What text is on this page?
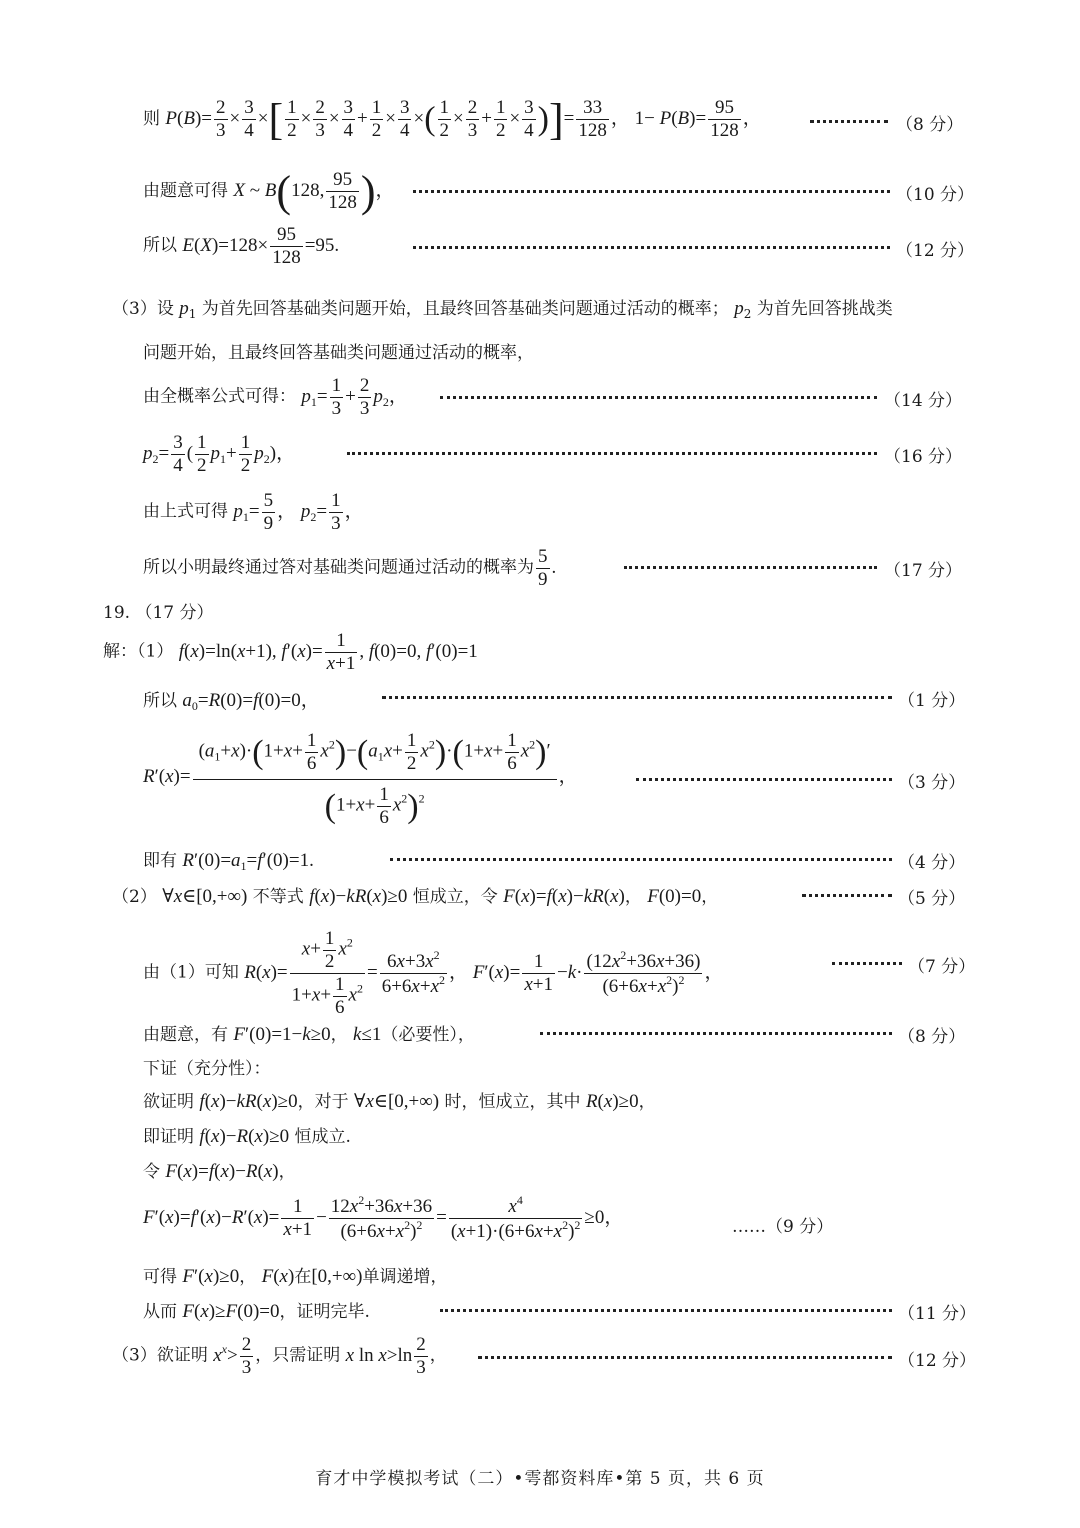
则 $P(B)= \frac{2}{3} \times \frac{3}{4}$ ×[ $\frac{1}{2} \times \frac{2}{3} \times \frac{3}{4} + \frac{1}{2} \times \frac{3}{4}$ ×( $\frac{1}{2} \times \frac{2}{3} + \frac{1}{2} \times \frac{3}{4}$ )]= $\frac{33}{128}$ ， $1- P(B)= \frac{95}{128}$ ，	（8 分）
由题意可得 X ~ B(128, $\frac{95}{128}$ )，	（10 分）
所以 $E(X)=128\times \frac{95}{128} =95$.	（12 分）
（3）设 $p_1$ 为首先回答基础类问题开始，且最终回答基础类问题通过活动的概率； $p_2$ 为首先回答挑战类
问题开始，且最终回答基础类问题通过活动的概率，
由全概率公式可得： $p_1= \frac{1}{3} + \frac{2}{3} p_2$，	（14 分）
$p_2= \frac{3}{4}$ ( $\frac{1}{2} p_1+ \frac{1}{2} p_2$)，	（16 分）
由上式可得 $p_1= \frac{5}{9}$ ， $p_2= \frac{1}{3}$ ，
所以小明最终通过答对基础类问题通过活动的概率为 $\frac{5}{9}$ .	（17 分）
19. （17 分）
解：（1） f(x)=ln(x+1), $f'(x)= \frac{1}{x+1}$ , f(0)=0, f′(0)=1
所以 $a_0=R(0)=f(0)=0$，	（1 分）
$R'(x)= \frac{(a_1+x)\cdot(1+x+ \frac{1}{6} x^2)-(a_1x+ \frac{1}{2} x^2)\cdot(1+x+ \frac{1}{6} x^2)'}{(1+x+ \frac{1}{6} x^2)^2}$ ，	（3 分）
即有 $R'(0)=a_1=f'(0)=1$.	（4 分）
（2） ∀x∈[0,+∞) 不等式 f(x)−kR(x)≥0 恒成立，令 F(x)=f(x)−kR(x)， F(0)=0，	（5 分）
由（1）可知 $R(x)= \frac{x+ \frac{1}{2} x^2}{1+x+ \frac{1}{6} x^2} = \frac{6x+3x^2}{6+6x+x^2}$ ， $F'(x)= \frac{1}{x+1} -k\cdot \frac{(12x^2+36x+36)}{(6+6x+x^2)^2}$ ，	（7 分）
由题意，有 F′(0)=1−k≥0， k≤1（必要性），	（8 分）
下证（充分性）：
欲证明 f(x)−kR(x)≥0，对于 ∀x∈[0,+∞) 时，恒成立，其中 R(x)≥0，
即证明 f(x)−R(x)≥0 恒成立.
令 F(x)=f(x)−R(x)，
$F'(x)=f'(x)-R'(x)= \frac{1}{x+1} - \frac{12x^2+36x+36}{(6+6x+x^2)^2} = \frac{x^4}{(x+1)\cdot(6+6x+x^2)^2} \ge 0$，	……（9 分）
可得 F′(x)≥0， F(x)在[0,+∞)单调递增，
从而 F(x)≥F(0)=0，证明完毕.	（11 分）
（3）欲证明 $x^x> \frac{2}{3}$ ，只需证明 x $\ln x>\ln \frac{2}{3}$ ，	（12 分）
育才中学模拟考试（二）•雩都资料库•第 5 页，共 6 页
